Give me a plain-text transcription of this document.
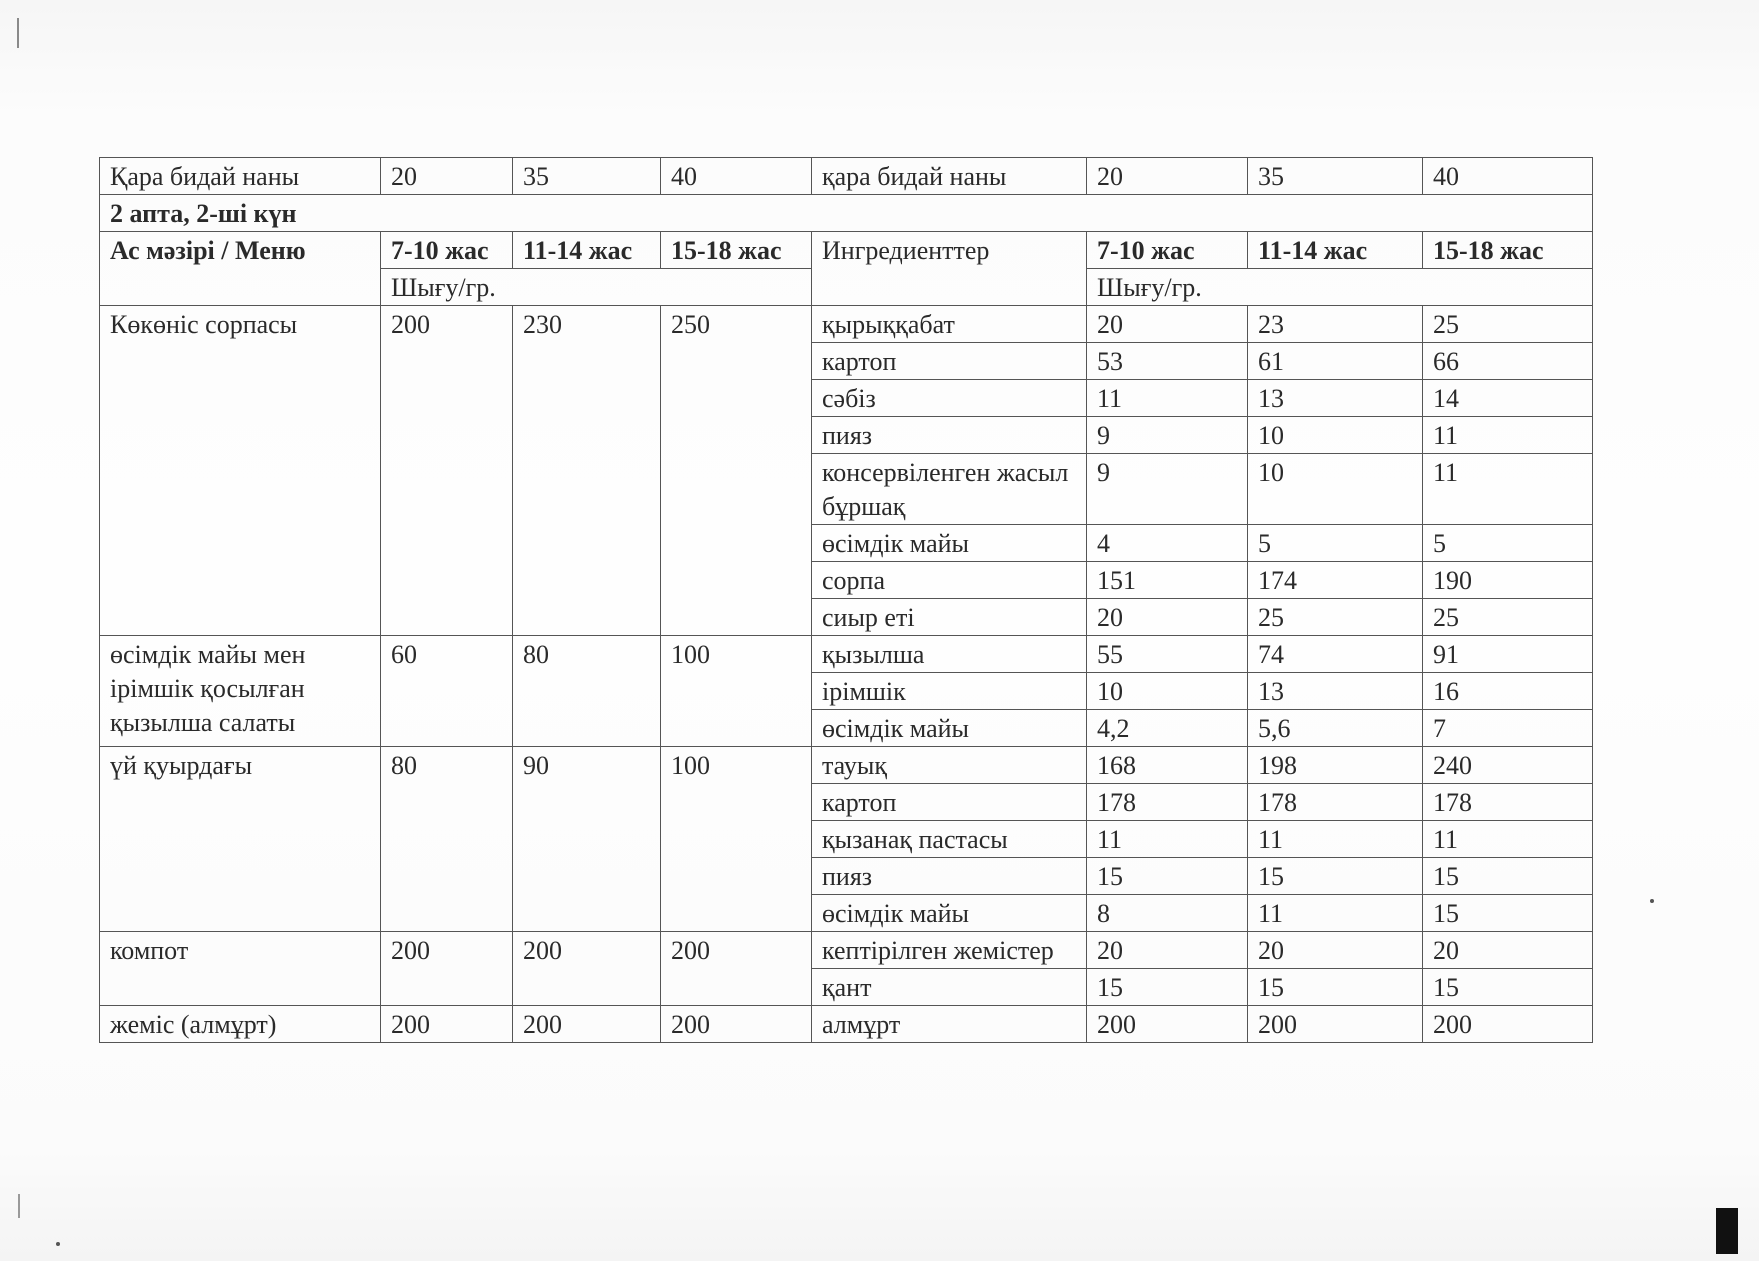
Қара бидай наны	20	35	40	қара бидай наны	20	35	40
2 апта, 2-ші күн							
Ас мәзірі / Меню	7-10 жас	11-14 жас	15-18 жас	Ингредиенттер	7-10 жас	11-14 жас	15-18 жас
	Шығу/гр.				Шығу/гр.		
Көкөніс сорпасы	200	230	250	қырыққабат	20	23	25
				картоп	53	61	66
				сәбіз	11	13	14
				пияз	9	10	11
				консервіленген жасыл бұршақ	9	10	11
				өсімдік майы	4	5	5
				сорпа	151	174	190
				сиыр еті	20	25	25
өсімдік майы мен ірімшік қосылған қызылша салаты	60	80	100	қызылша	55	74	91
				ірімшік	10	13	16
				өсімдік майы	4,2	5,6	7
үй қуырдағы	80	90	100	тауық	168	198	240
				картоп	178	178	178
				қызанақ пастасы	11	11	11
				пияз	15	15	15
				өсімдік майы	8	11	15
компот	200	200	200	кептірілген жемістер	20	20	20
				қант	15	15	15
жеміс (алмұрт)	200	200	200	алмұрт	200	200	200
